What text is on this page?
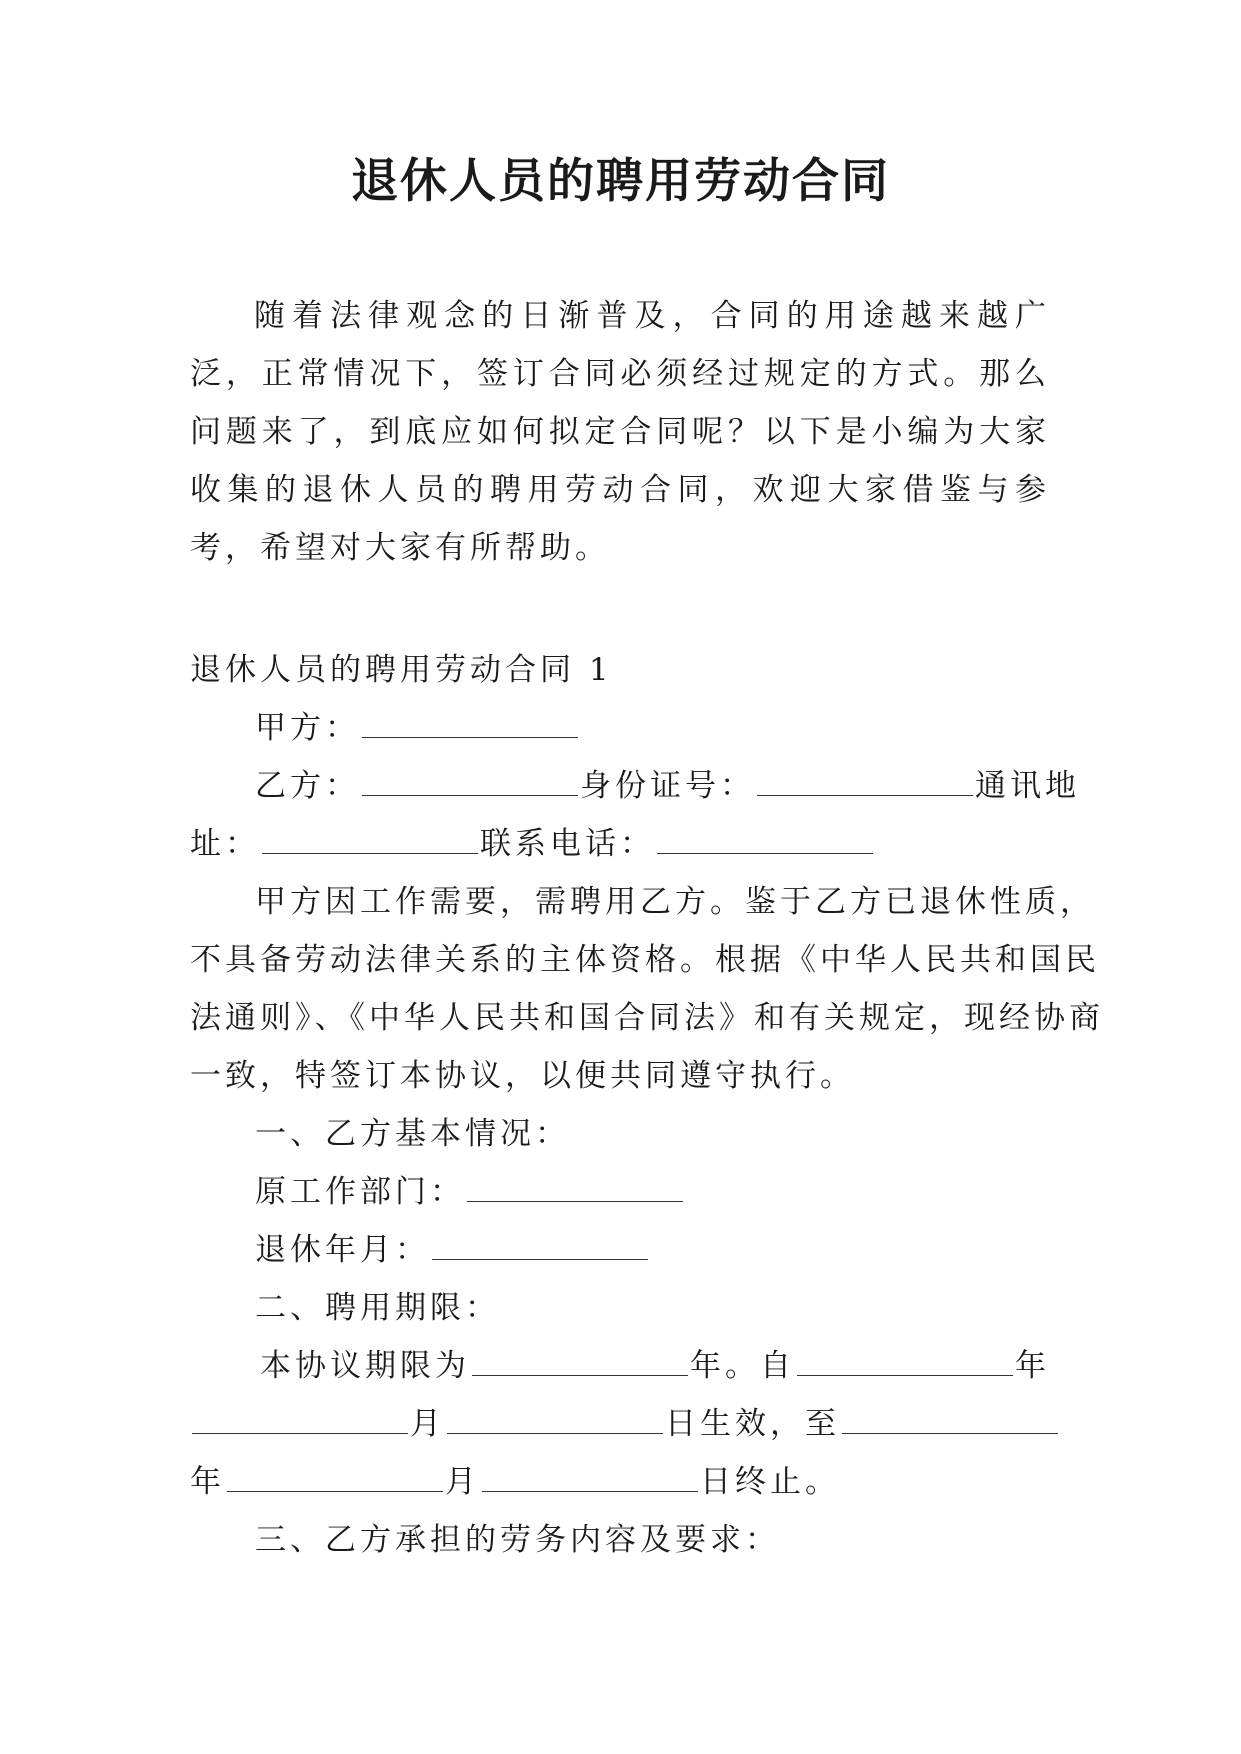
退休人员的聘用劳动合同
随着法律观念的日渐普及，合同的用途越来越广泛，正常情况下，签订合同必须经过规定的方式。那么问题来了，到底应如何拟定合同呢？以下是小编为大家收集的退休人员的聘用劳动合同，欢迎大家借鉴与参考，希望对大家有所帮助。
退休人员的聘用劳动合同 1
甲方：
乙方：	身份证号：	通讯地
址：	联系电话：
甲方因工作需要，需聘用乙方。鉴于乙方已退休性质，
不具备劳动法律关系的主体资格。根据《中华人民共和国民
法通则》、《中华人民共和国合同法》和有关规定，现经协商
一致，特签订本协议，以便共同遵守执行。
一、乙方基本情况：
原工作部门：
退休年月：
二、聘用期限：
本协议期限为	年。自	年
月	日生效，至
年	月	日终止。
三、乙方承担的劳务内容及要求：
